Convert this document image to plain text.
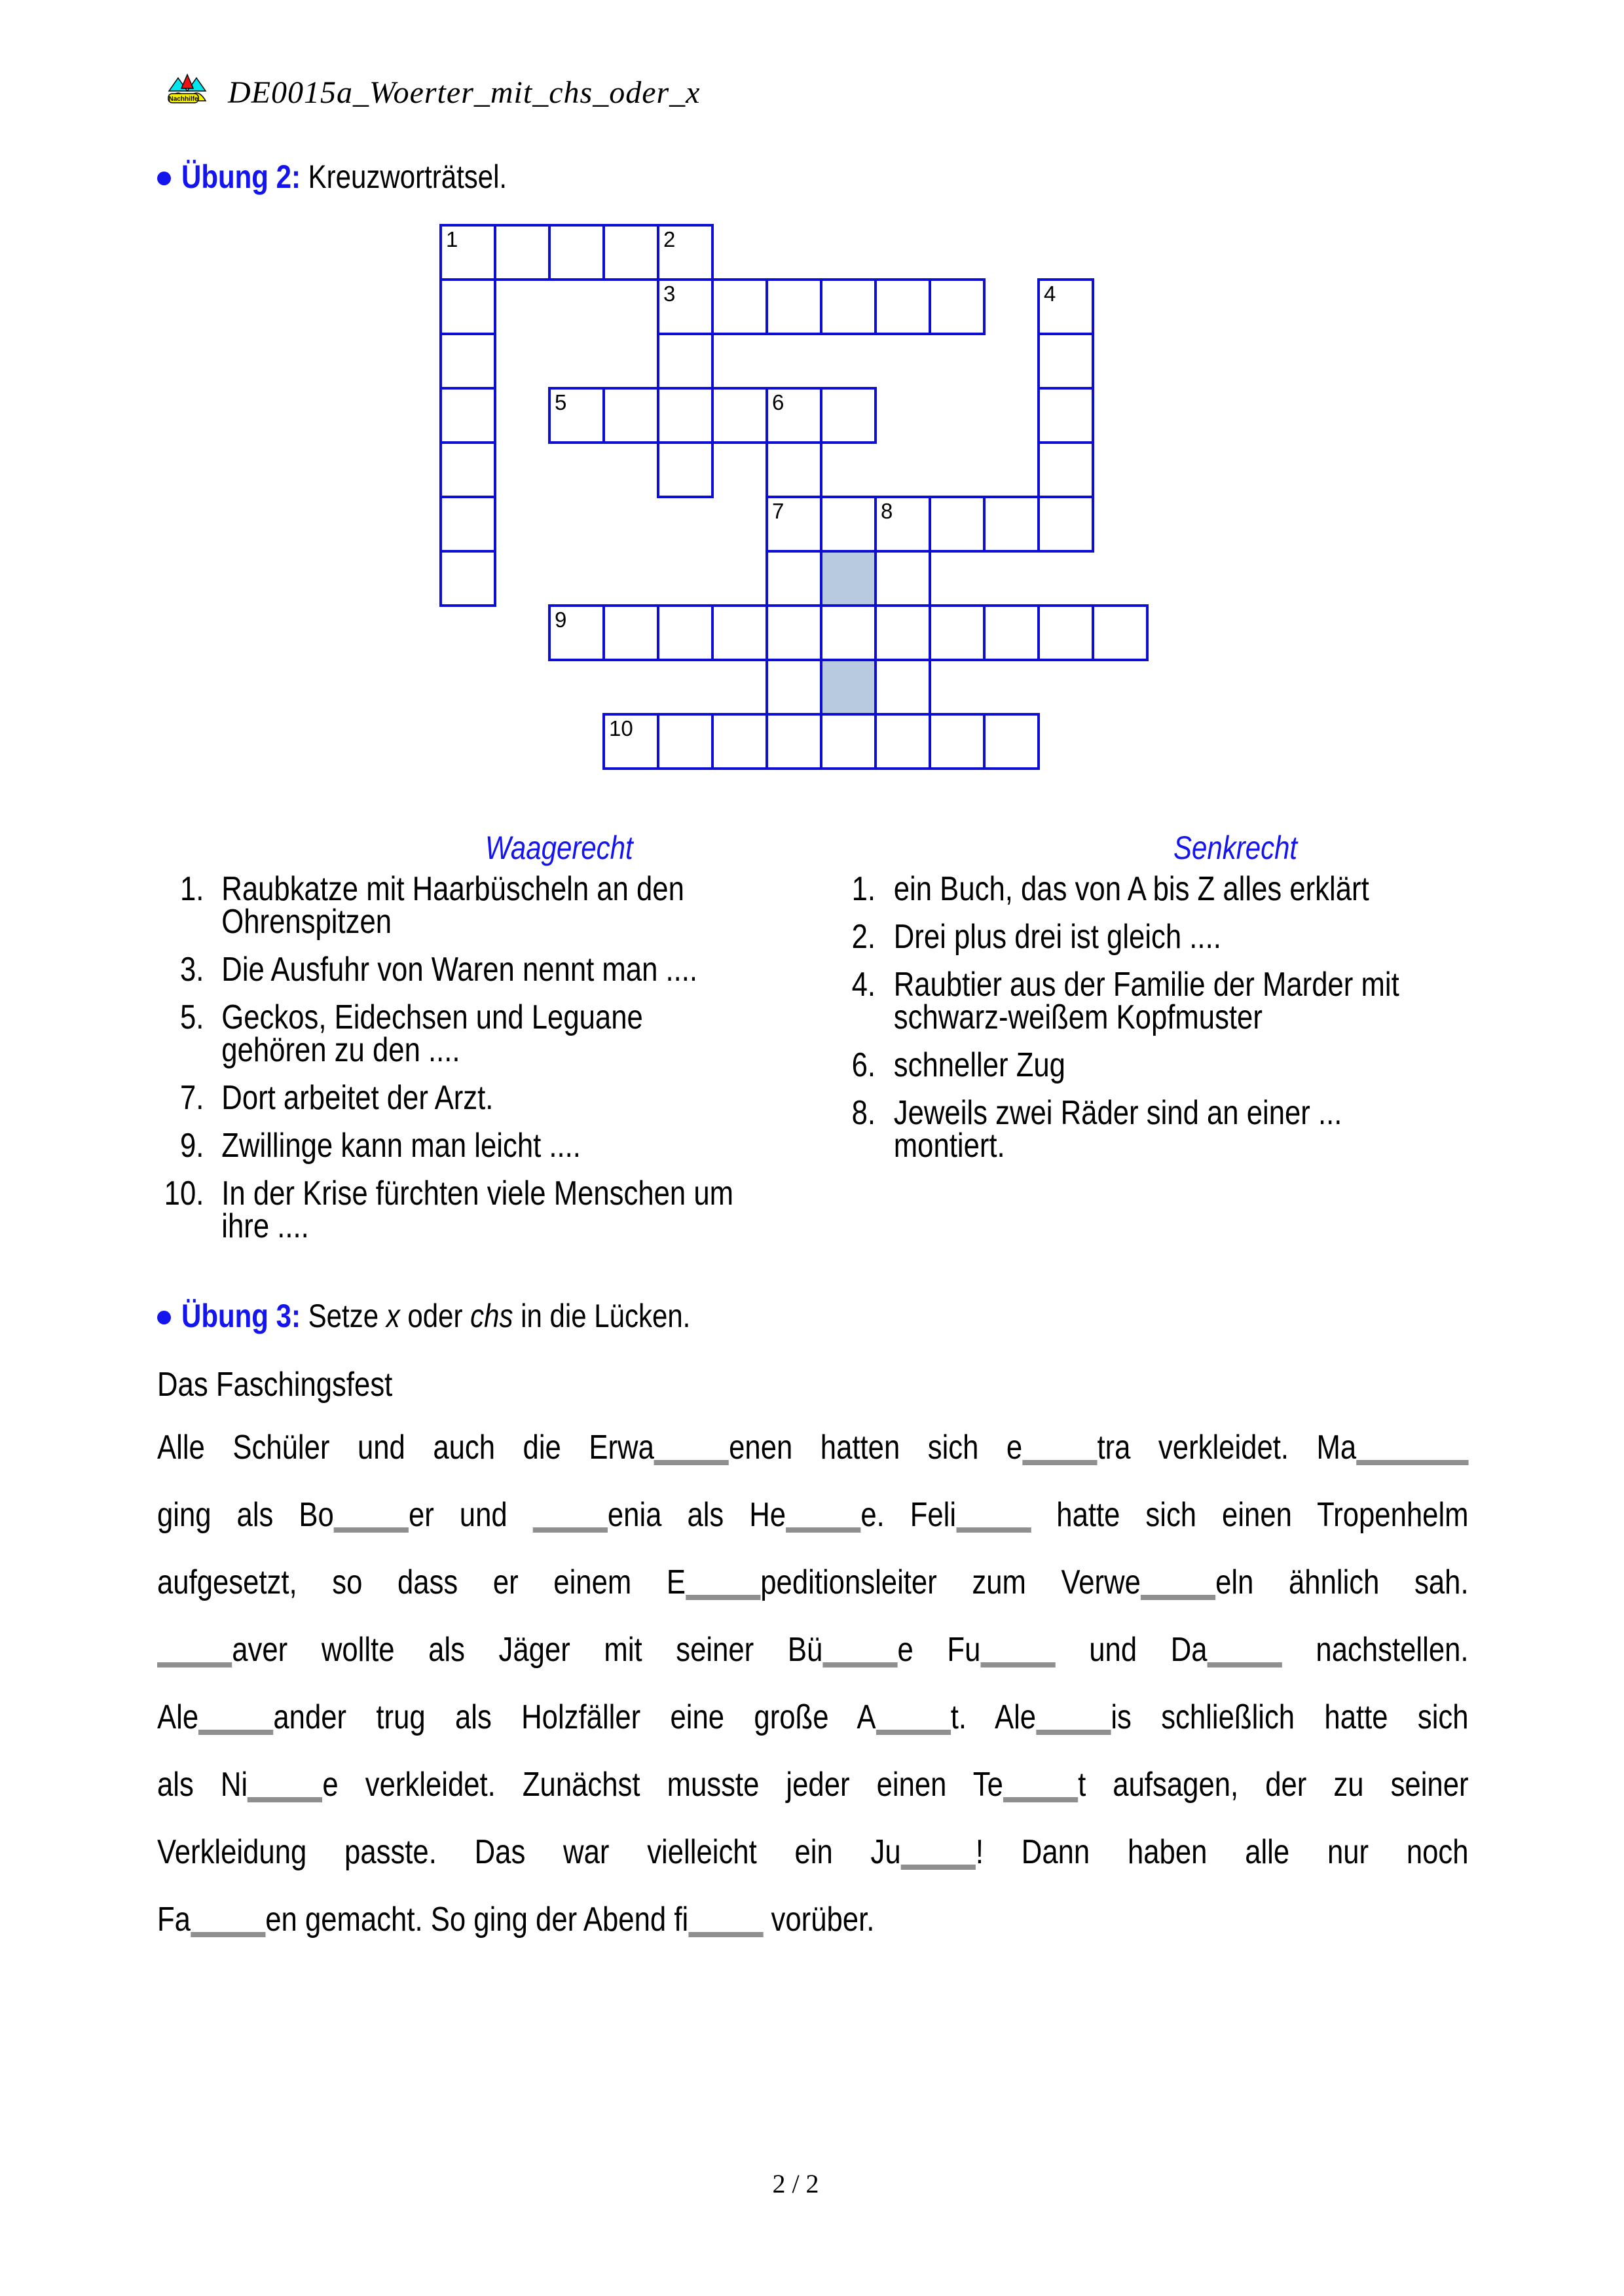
Nachhilfe DE0015a_Woerter_mit_chs_oder_x
Übung 2: Kreuzworträtsel.
1	2
3	4
5	6
7	8
9
10
Waagerecht	Senkrecht
1. Raubkatze mit Haarbüscheln an den
Ohrenspitzen
3. Die Ausfuhr von Waren nennt man ....
5. Geckos, Eidechsen und Leguane
gehören zu den ....
7. Dort arbeitet der Arzt.
9. Zwillinge kann man leicht ....
10. In der Krise fürchten viele Menschen um
ihre ....
1. ein Buch, das von A bis Z alles erklärt
2. Drei plus drei ist gleich ....
4. Raubtier aus der Familie der Marder mit
schwarz-weißem Kopfmuster
6. schneller Zug
8. Jeweils zwei Räder sind an einer ...
montiert.
Übung 3: Setze x oder chs in die Lücken.
Das Faschingsfest
Alle Schüler und auch die Erwa enen hatten sich e tra verkleidet. Ma
ging als Bo er und enia als He e. Feli hatte sich einen Tropenhelm
aufgesetzt, so dass er einem E peditionsleiter zum Verwe eln ähnlich sah.
aver wollte als Jäger mit seiner Bü e Fu und Da nachstellen.
Ale ander trug als Holzfäller eine große A t. Ale is schließlich hatte sich
als Ni e verkleidet. Zunächst musste jeder einen Te t aufsagen, der zu seiner
Verkleidung passte. Das war vielleicht ein Ju ! Dann haben alle nur noch
Fa en gemacht. So ging der Abend fi vorüber.
2 / 2
